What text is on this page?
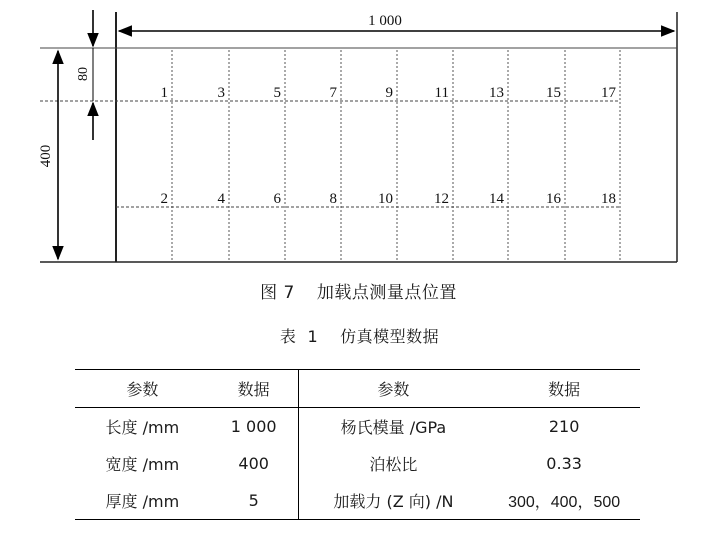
1 000
400
80
1	3	5	7	9	11	13	15	17
2	4	6	8	10	12	14	16	18
图 7 加载点测量点位置
表  1 仿真模型数据
参数	数据	参数	数据
长度 /mm	1 000	杨氏模量 /GPa	210
宽度 /mm	400	泊松比	0.33
厚度 /mm	5	加载力 (Z 向) /N	300，400，500
